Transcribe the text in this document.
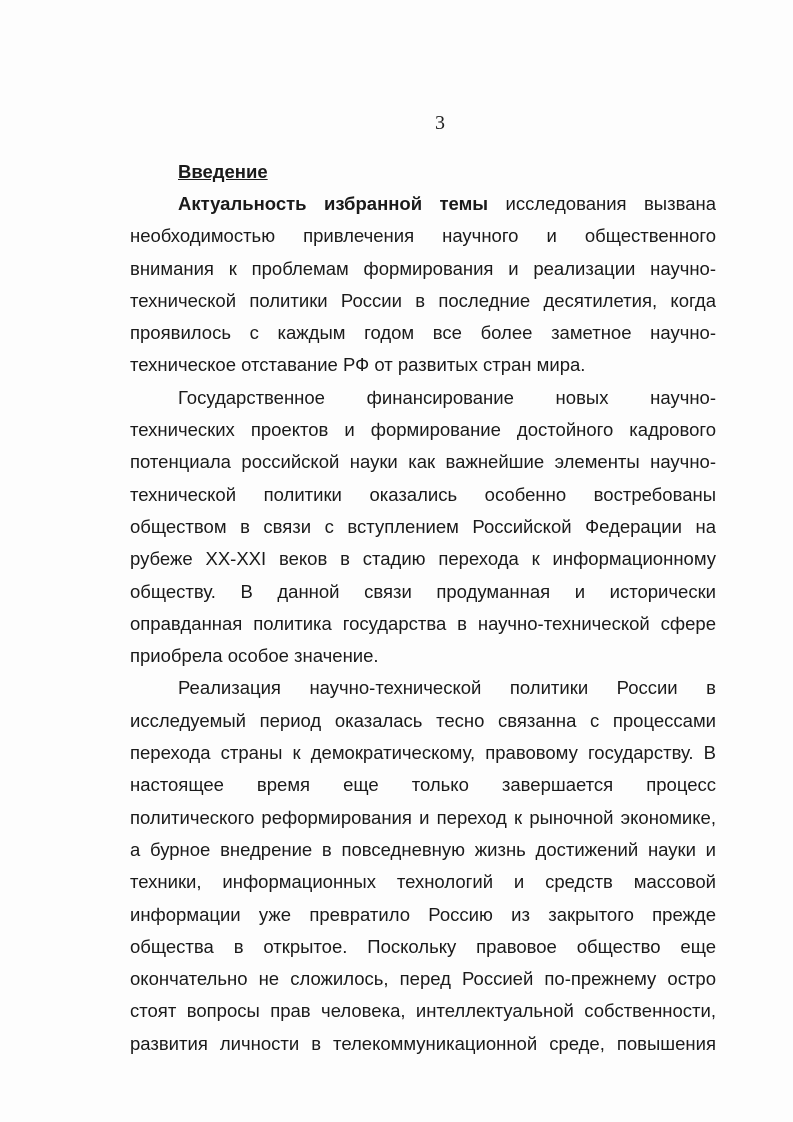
3
Введение
Актуальность избранной темы исследования вызвана
необходимостью привлечения научного и общественного
внимания к проблемам формирования и реализации научно-
технической политики России в последние десятилетия, когда
проявилось с каждым годом все более заметное научно-
техническое отставание РФ от развитых стран мира.
Государственное финансирование новых научно-
технических проектов и формирование достойного кадрового
потенциала российской науки как важнейшие элементы научно-
технической политики оказались особенно востребованы
обществом в связи с вступлением Российской Федерации на
рубеже XX-XXI веков в стадию перехода к информационному
обществу. В данной связи продуманная и исторически
оправданная политика государства в научно-технической сфере
приобрела особое значение.
Реализация научно-технической политики России в
исследуемый период оказалась тесно связанна с процессами
перехода страны к демократическому, правовому государству. В
настоящее время еще только завершается процесс
политического реформирования и переход к рыночной экономике,
а бурное внедрение в повседневную жизнь достижений науки и
техники, информационных технологий и средств массовой
информации уже превратило Россию из закрытого прежде
общества в открытое. Поскольку правовое общество еще
окончательно не сложилось, перед Россией по-прежнему остро
стоят вопросы прав человека, интеллектуальной собственности,
развития личности в телекоммуникационной среде, повышения
